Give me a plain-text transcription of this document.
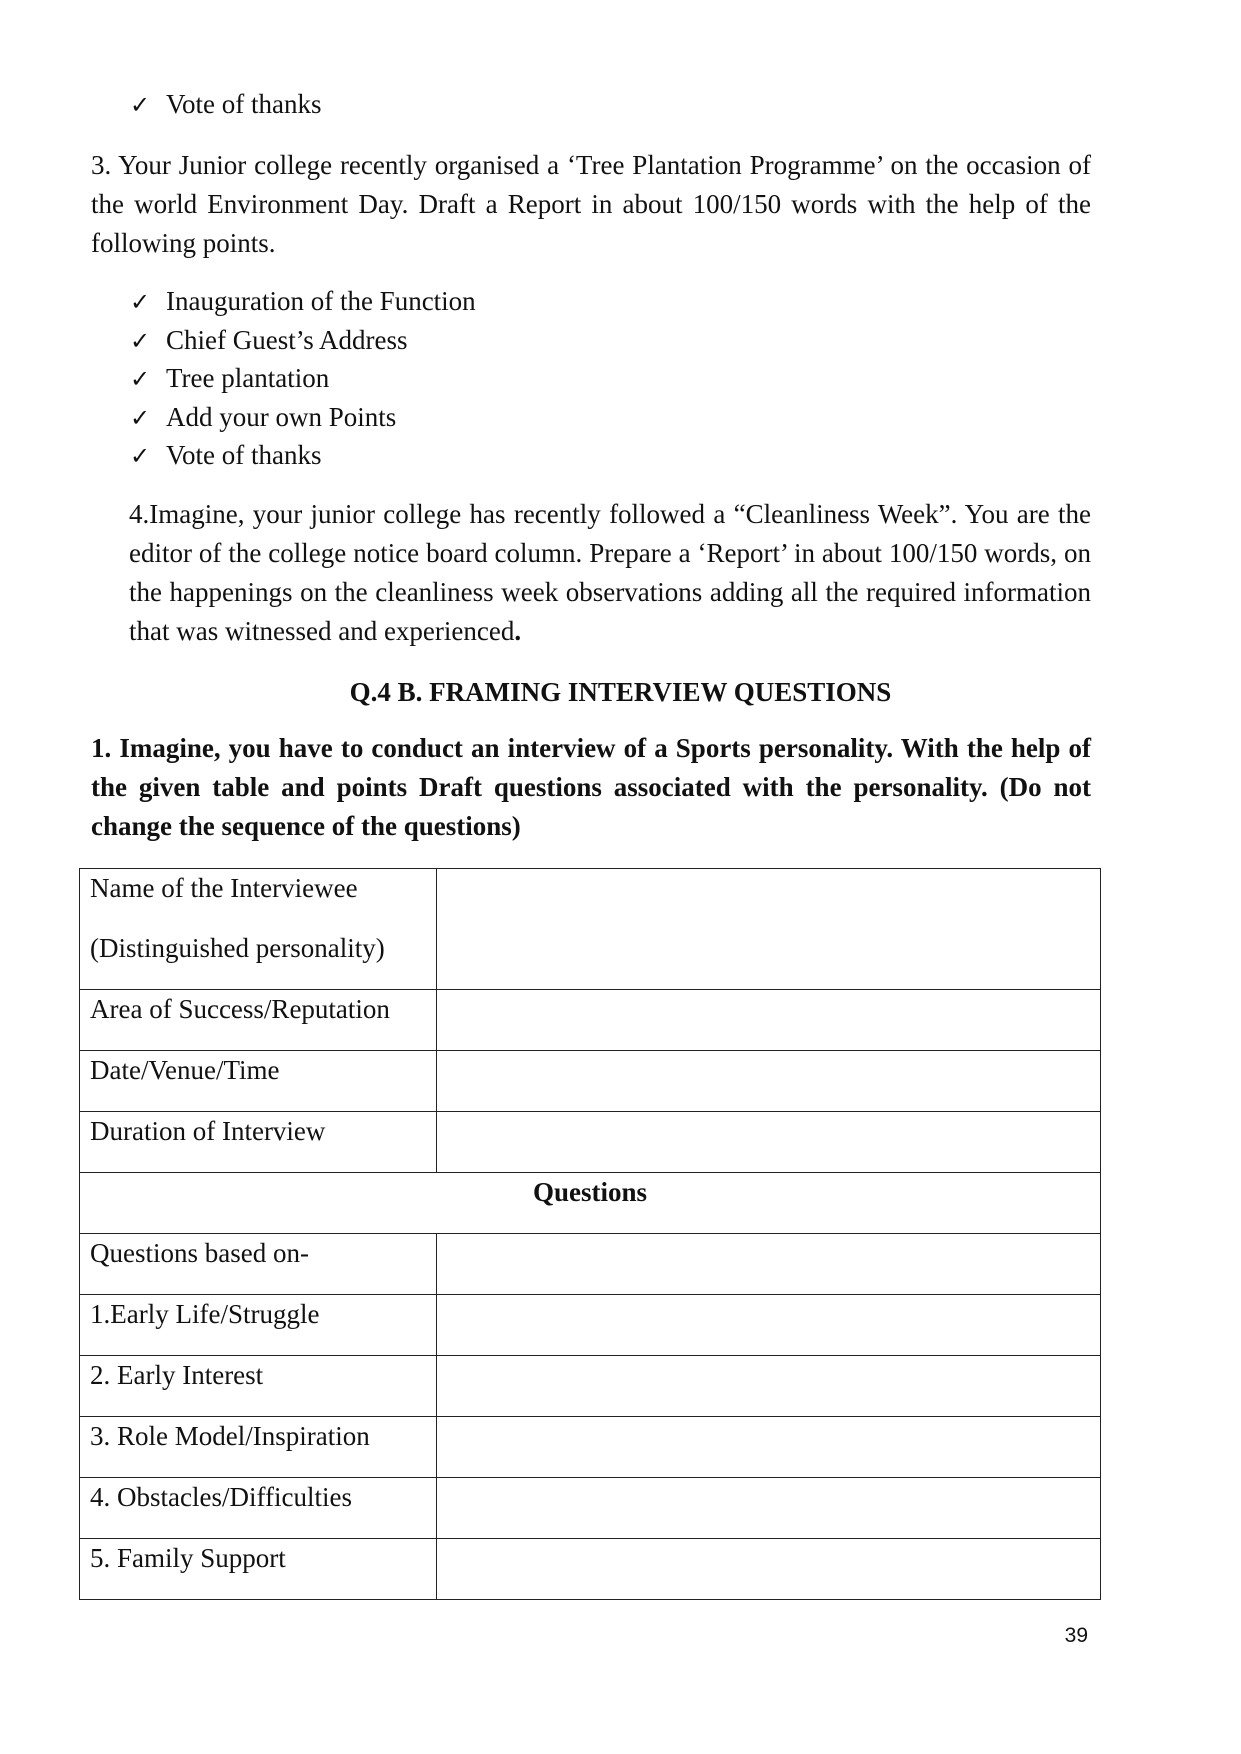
✓ Vote of thanks

3. Your Junior college recently organised a ‘Tree Plantation Programme’ on the occasion of the world Environment Day. Draft a Report in about 100/150 words with the help of the following points.

✓ Inauguration of the Function
✓ Chief Guest’s Address
✓ Tree plantation
✓ Add your own Points
✓ Vote of thanks

4.Imagine, your junior college has recently followed a “Cleanliness Week”. You are the editor of the college notice board column. Prepare a ‘Report’ in about 100/150 words, on the happenings on the cleanliness week observations adding all the required information that was witnessed and experienced.

Q.4 B. FRAMING INTERVIEW QUESTIONS

1. Imagine, you have to conduct an interview of a Sports personality. With the help of the given table and points Draft questions associated with the personality. (Do not change the sequence of the questions)

Name of the Interviewee
(Distinguished personality)	

Area of Success/Reputation	
Date/Venue/Time	
Duration of Interview	
Questions	
Questions based on-	
1.Early Life/Struggle	
2. Early Interest	
3. Role Model/Inspiration	
4. Obstacles/Difficulties	
5. Family Support	
39
